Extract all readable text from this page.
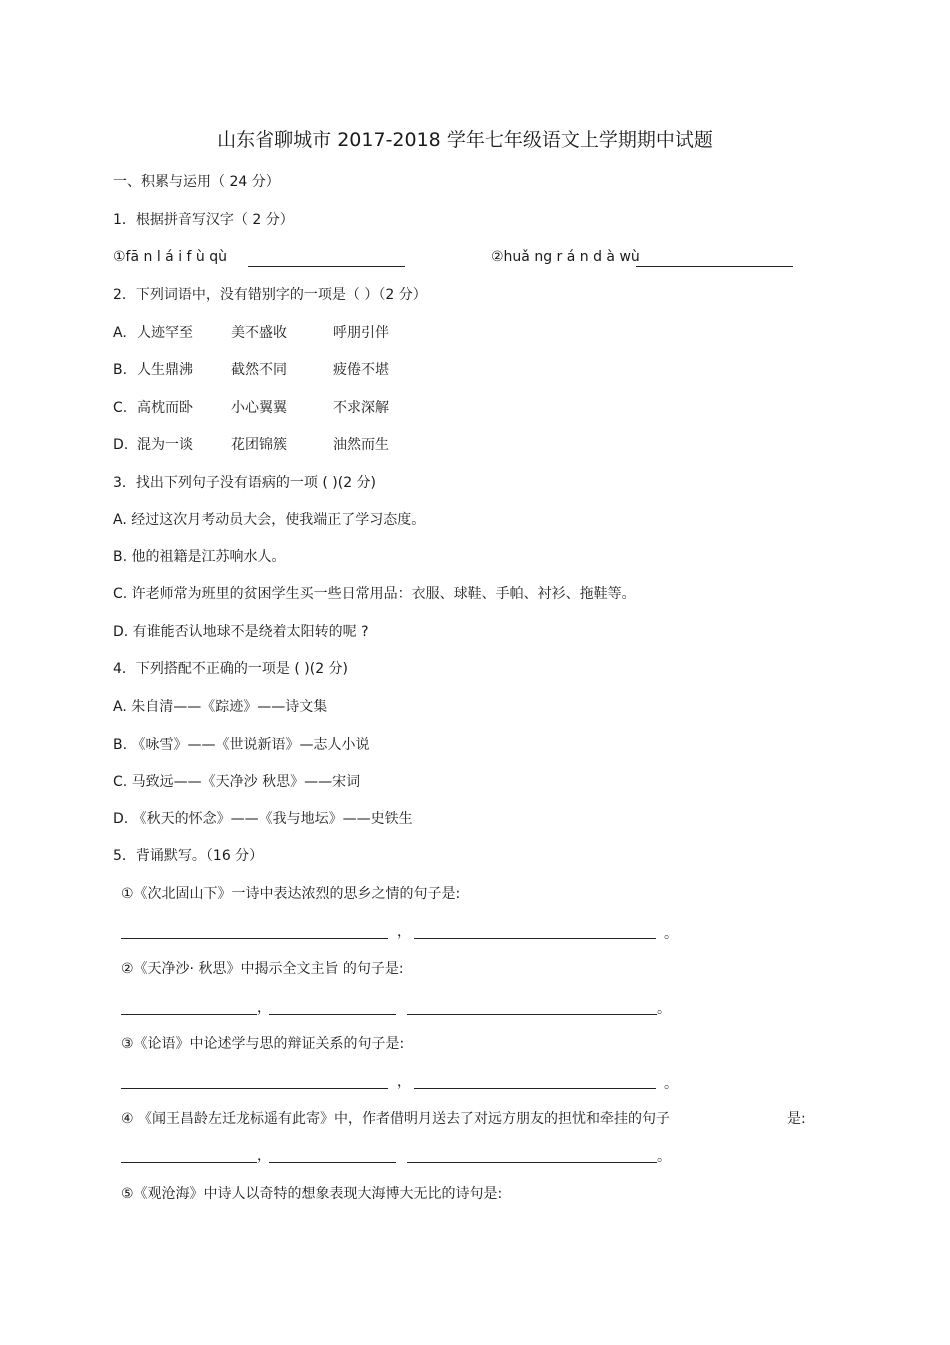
山东省聊城市 2017-2018 学年七年级语文上学期期中试题
一、积累与运用（ 24 分）
1．根据拼音写汉字（ 2 分）
①fā n l á i f ù qù	②huǎ ng r á n d à wù
2．下列词语中，没有错别字的一项是（ ）（2 分）
A. 人迹罕至	美不盛收	呼朋引伴
B. 人生鼎沸	截然不同	疲倦不堪
C. 高枕而卧	小心翼翼	不求深解
D. 混为一谈	花团锦簇	油然而生
3．找出下列句子没有语病的一项 ( )(2 分)
A. 经过这次月考动员大会，使我端正了学习态度。
B. 他的祖籍是江苏响水人。
C. 许老师常为班里的贫困学生买一些日常用品：衣服、球鞋、手帕、衬衫、拖鞋等。
D. 有谁能否认地球不是绕着太阳转的呢 ?
4．下列搭配不正确的一项是 ( )(2 分)
A. 朱自清——《踪迹》——诗文集
B. 《咏雪》——《世说新语》—志人小说
C. 马致远——《天净沙 秋思》——宋词
D. 《秋天的怀念》——《我与地坛》——史铁生
5．背诵默写。（16 分）
①《次北固山下》一诗中表达浓烈的思乡之情的句子是:
，	。
②《天净沙· 秋思》中揭示全文主旨 的句子是:
，	。
③《论语》中论述学与思的辩证关系的句子是:
，	。
④ 《闻王昌龄左迁龙标遥有此寄》中，作者借明月送去了对远方朋友的担忧和牵挂的句子	是:
，	。
⑤《观沧海》中诗人以奇特的想象表现大海博大无比的诗句是:
